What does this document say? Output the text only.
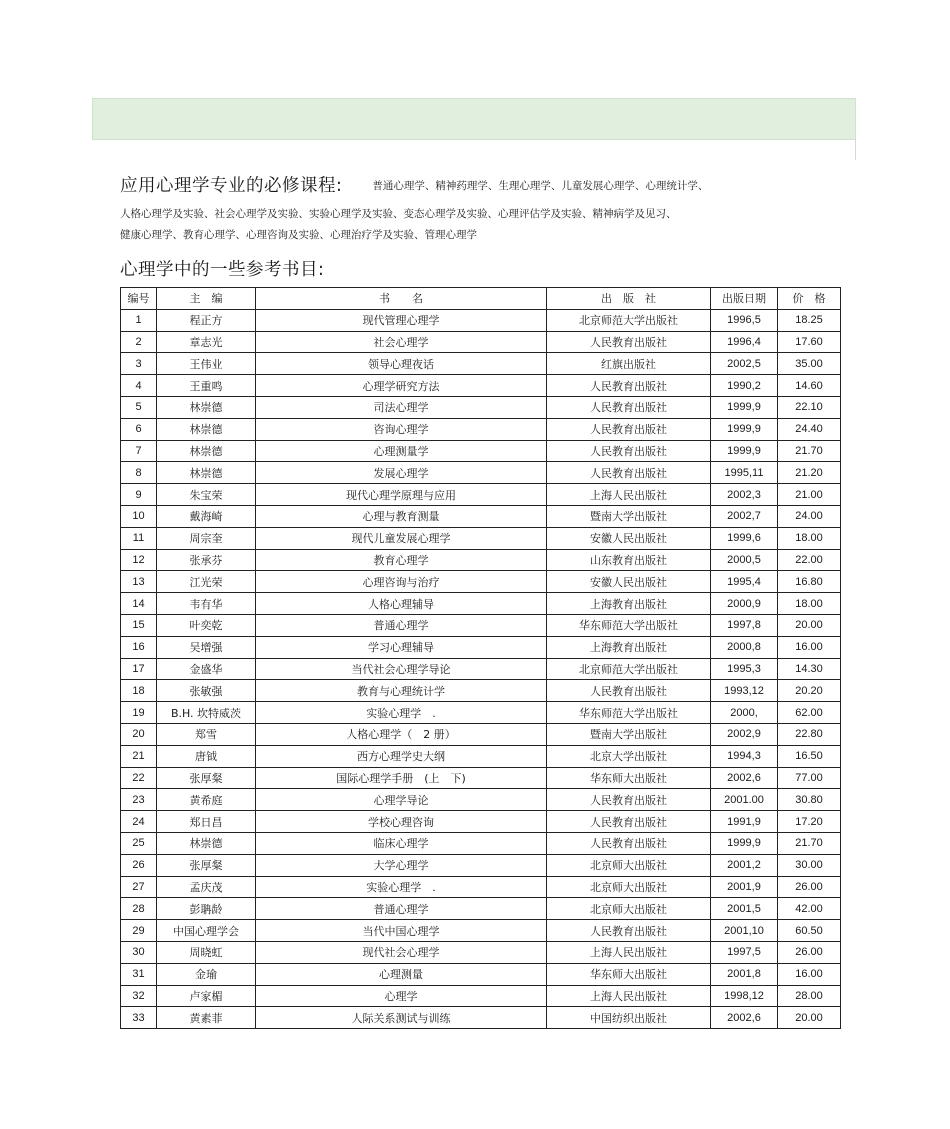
应用心理学专业的必修课程:	普通心理学、精神药理学、生理心理学、儿童发展心理学、心理统计学、
人格心理学及实验、社会心理学及实验、实验心理学及实验、变态心理学及实验、心理评估学及实验、精神病学及见习、
健康心理学、教育心理学、心理咨询及实验、心理治疗学及实验、管理心理学
心理学中的一些参考书目:
编号	主　编	书　　名	出　版　社	出版日期	价　格
1	程正方	现代管理心理学	北京师范大学出版社	1996,5	18.25
2	章志光	社会心理学	人民教育出版社	1996,4	17.60
3	王伟业	领导心理夜话	红旗出版社	2002,5	35.00
4	王重鸣	心理学研究方法	人民教育出版社	1990,2	14.60
5	林崇德	司法心理学	人民教育出版社	1999,9	22.10
6	林崇德	咨询心理学	人民教育出版社	1999,9	24.40
7	林崇德	心理测量学	人民教育出版社	1999,9	21.70
8	林崇德	发展心理学	人民教育出版社	1995,11	21.20
9	朱宝荣	现代心理学原理与应用	上海人民出版社	2002,3	21.00
10	戴海崎	心理与教育测量	暨南大学出版社	2002,7	24.00
11	周宗奎	现代儿童发展心理学	安徽人民出版社	1999,6	18.00
12	张承芬	教育心理学	山东教育出版社	2000,5	22.00
13	江光荣	心理咨询与治疗	安徽人民出版社	1995,4	16.80
14	韦有华	人格心理辅导	上海教育出版社	2000,9	18.00
15	叶奕乾	普通心理学	华东师范大学出版社	1997,8	20.00
16	吴增强	学习心理辅导	上海教育出版社	2000,8	16.00
17	金盛华	当代社会心理学导论	北京师范大学出版社	1995,3	14.30
18	张敏强	教育与心理统计学	人民教育出版社	1993,12	20.20
19	B.H. 坎特威茨	实验心理学　.	华东师范大学出版社	2000,	62.00
20	郑雪	人格心理学（　2 册）	暨南大学出版社	2002,9	22.80
21	唐钺	西方心理学史大纲	北京大学出版社	1994,3	16.50
22	张厚粲	国际心理学手册　(上　下)	华东师大出版社	2002,6	77.00
23	黄希庭	心理学导论	人民教育出版社	2001.00	30.80
24	郑日昌	学校心理咨询	人民教育出版社	1991,9	17.20
25	林崇德	临床心理学	人民教育出版社	1999,9	21.70
26	张厚粲	大学心理学	北京师大出版社	2001,2	30.00
27	孟庆茂	实验心理学　.	北京师大出版社	2001,9	26.00
28	彭聃龄	普通心理学	北京师大出版社	2001,5	42.00
29	中国心理学会	当代中国心理学	人民教育出版社	2001,10	60.50
30	周晓虹	现代社会心理学	上海人民出版社	1997,5	26.00
31	金瑜	心理测量	华东师大出版社	2001,8	16.00
32	卢家楣	心理学	上海人民出版社	1998,12	28.00
33	黄素菲	人际关系测试与训练	中国纺织出版社	2002,6	20.00
